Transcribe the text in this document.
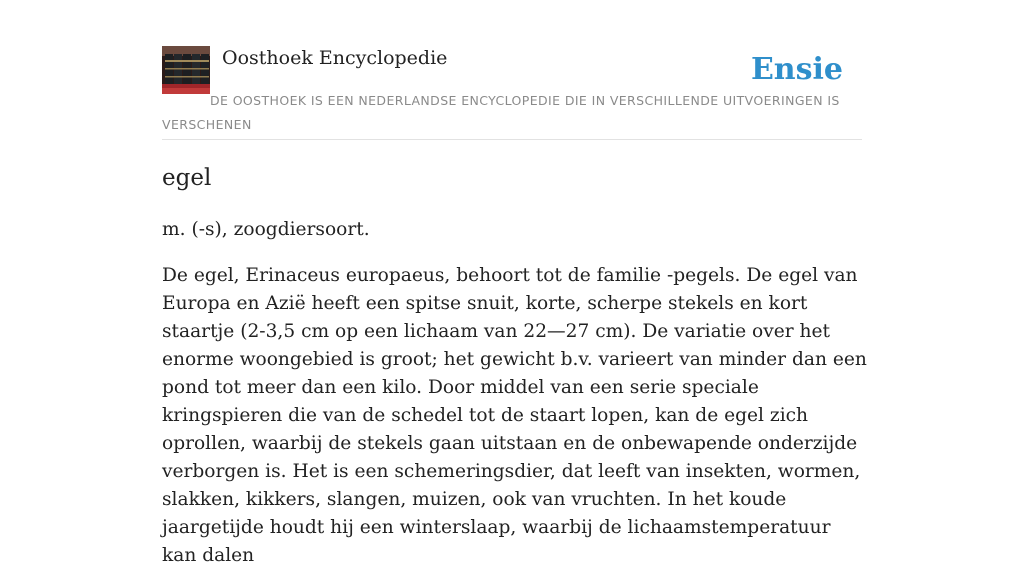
Oosthoek Encyclopedie	Ensie
DE OOSTHOEK IS EEN NEDERLANDSE ENCYCLOPEDIE DIE IN VERSCHILLENDE UITVOERINGEN IS VERSCHENEN
egel

m. (-s), zoogdiersoort.

De egel, Erinaceus europaeus, behoort tot de familie -pegels. De egel van Europa en Azië heeft een spitse snuit, korte, scherpe stekels en kort staartje (2-3,5 cm op een lichaam van 22—27 cm). De variatie over het enorme woongebied is groot; het gewicht b.v. varieert van minder dan een pond tot meer dan een kilo. Door middel van een serie speciale kringspieren die van de schedel tot de staart lopen, kan de egel zich oprollen, waarbij de stekels gaan uitstaan en de onbewapende onderzijde verborgen is. Het is een schemeringsdier, dat leeft van insekten, wormen, slakken, kikkers, slangen, muizen, ook van vruchten. In het koude jaargetijde houdt hij een winterslaap, waarbij de lichaamstemperatuur kan dalen
